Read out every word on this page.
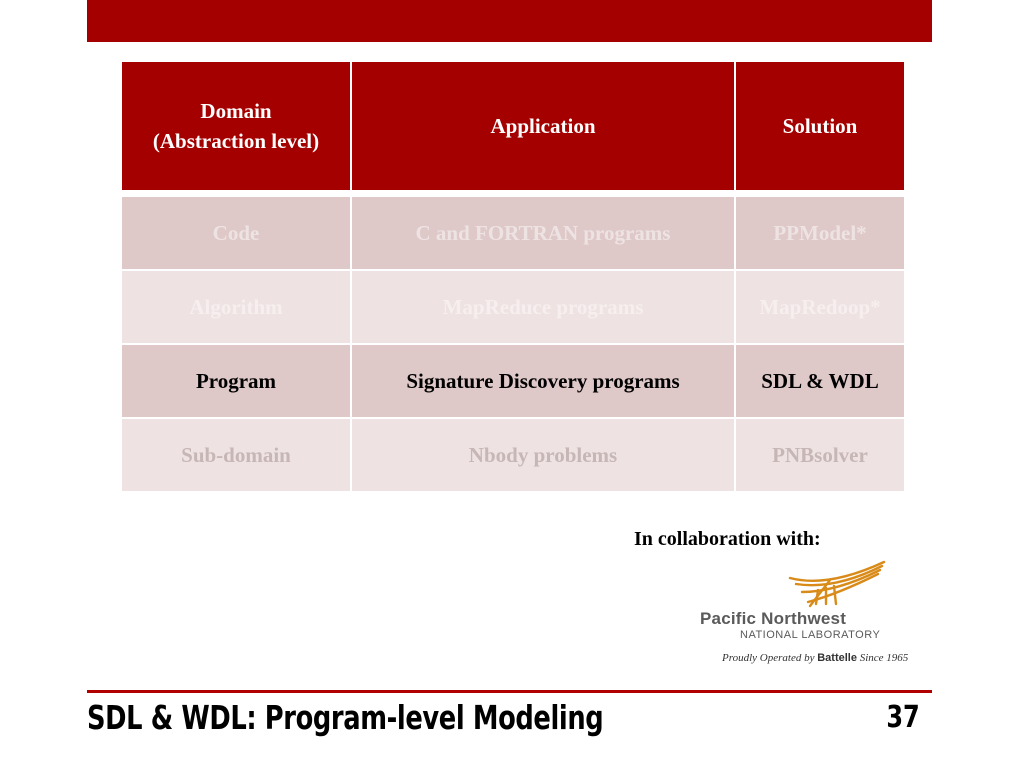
Domain
(Abstraction level)	Application	Solution

Code	C and FORTRAN programs	PPModel*
Algorithm	MapReduce programs	MapRedoop*
Program	Signature Discovery programs	SDL & WDL
Sub-domain	Nbody problems	PNBsolver
In collaboration with:
Pacific Northwest
NATIONAL LABORATORY
Proudly Operated by Battelle Since 1965
SDL & WDL: Program-level Modeling	37
